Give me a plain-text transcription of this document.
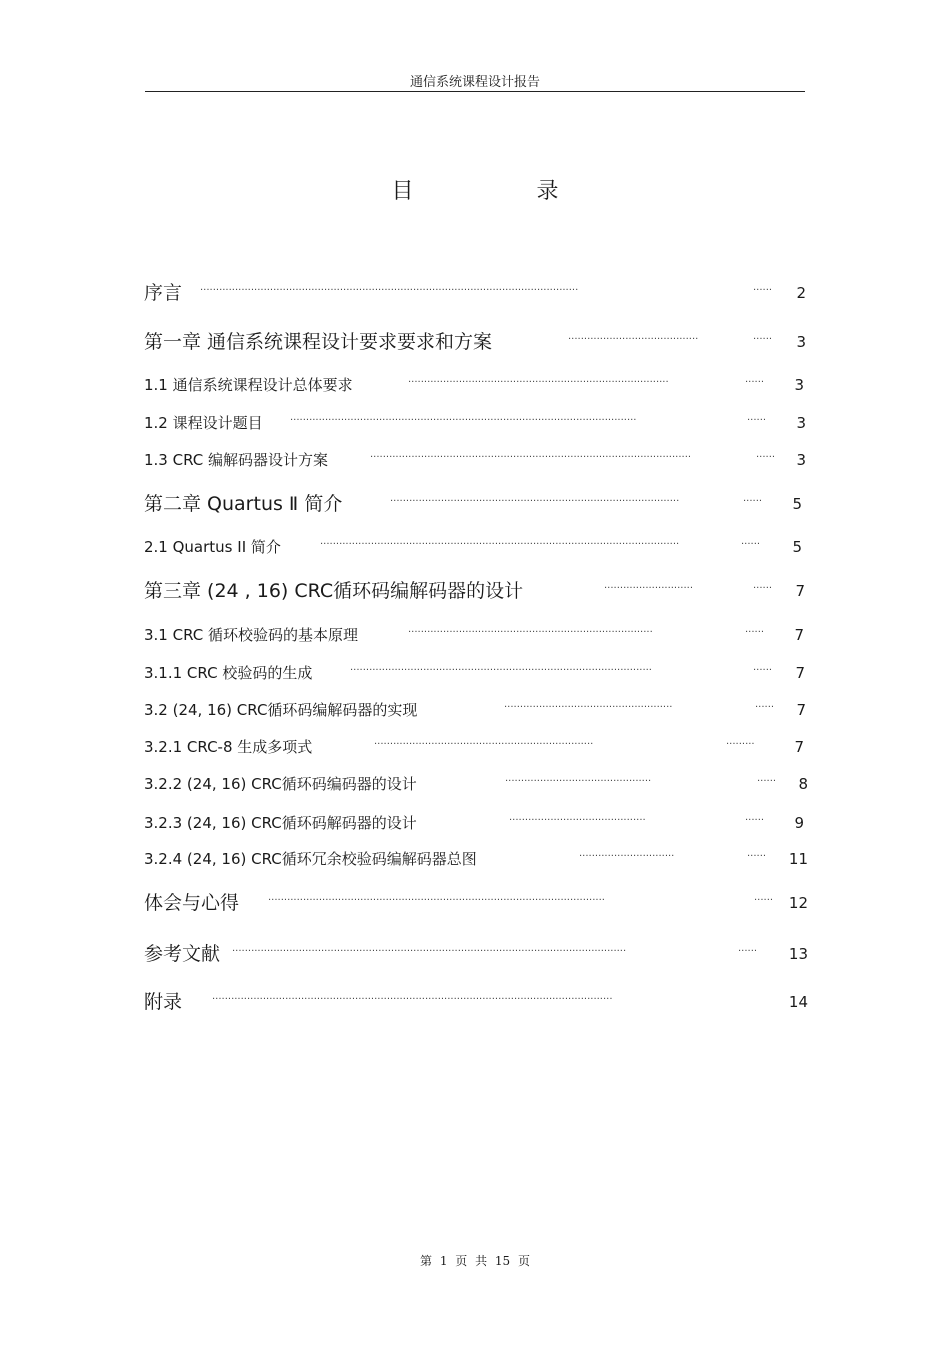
通信系统课程设计报告
目 录
序言 ·······················································································································	······	2
第一章 通信系统课程设计要求要求和方案	·········································	······	3
1.1 通信系统课程设计总体要求	··················································································	······	3
1.2 课程设计题目	·············································································································	······	3
1.3 CRC 编解码器设计方案	·····································································································	······	3
第二章 Quartus Ⅱ 简介	···························································································	······	5
2.1 Quartus II 简介	·················································································································	······	5
第三章 (24 , 16) CRC循环码编解码器的设计	····························	······	7
3.1 CRC 循环校验码的基本原理	·············································································	······	7
3.1.1 CRC 校验码的生成	·······························································································	······	7
3.2 (24, 16) CRC循环码编解码器的实现	·····················································	······	7
3.2.1 CRC-8 生成多项式	·····································································	·········	7
3.2.2 (24, 16) CRC循环码编码器的设计	··············································	······	8
3.2.3 (24, 16) CRC循环码解码器的设计	···········································	······	9
3.2.4 (24, 16) CRC循环冗余校验码编解码器总图	······························	······	11
体会与心得	··········································································································	······	12
参考文献 ····························································································································	······	13
附录	······························································································································	14
第 1 页 共 15 页
